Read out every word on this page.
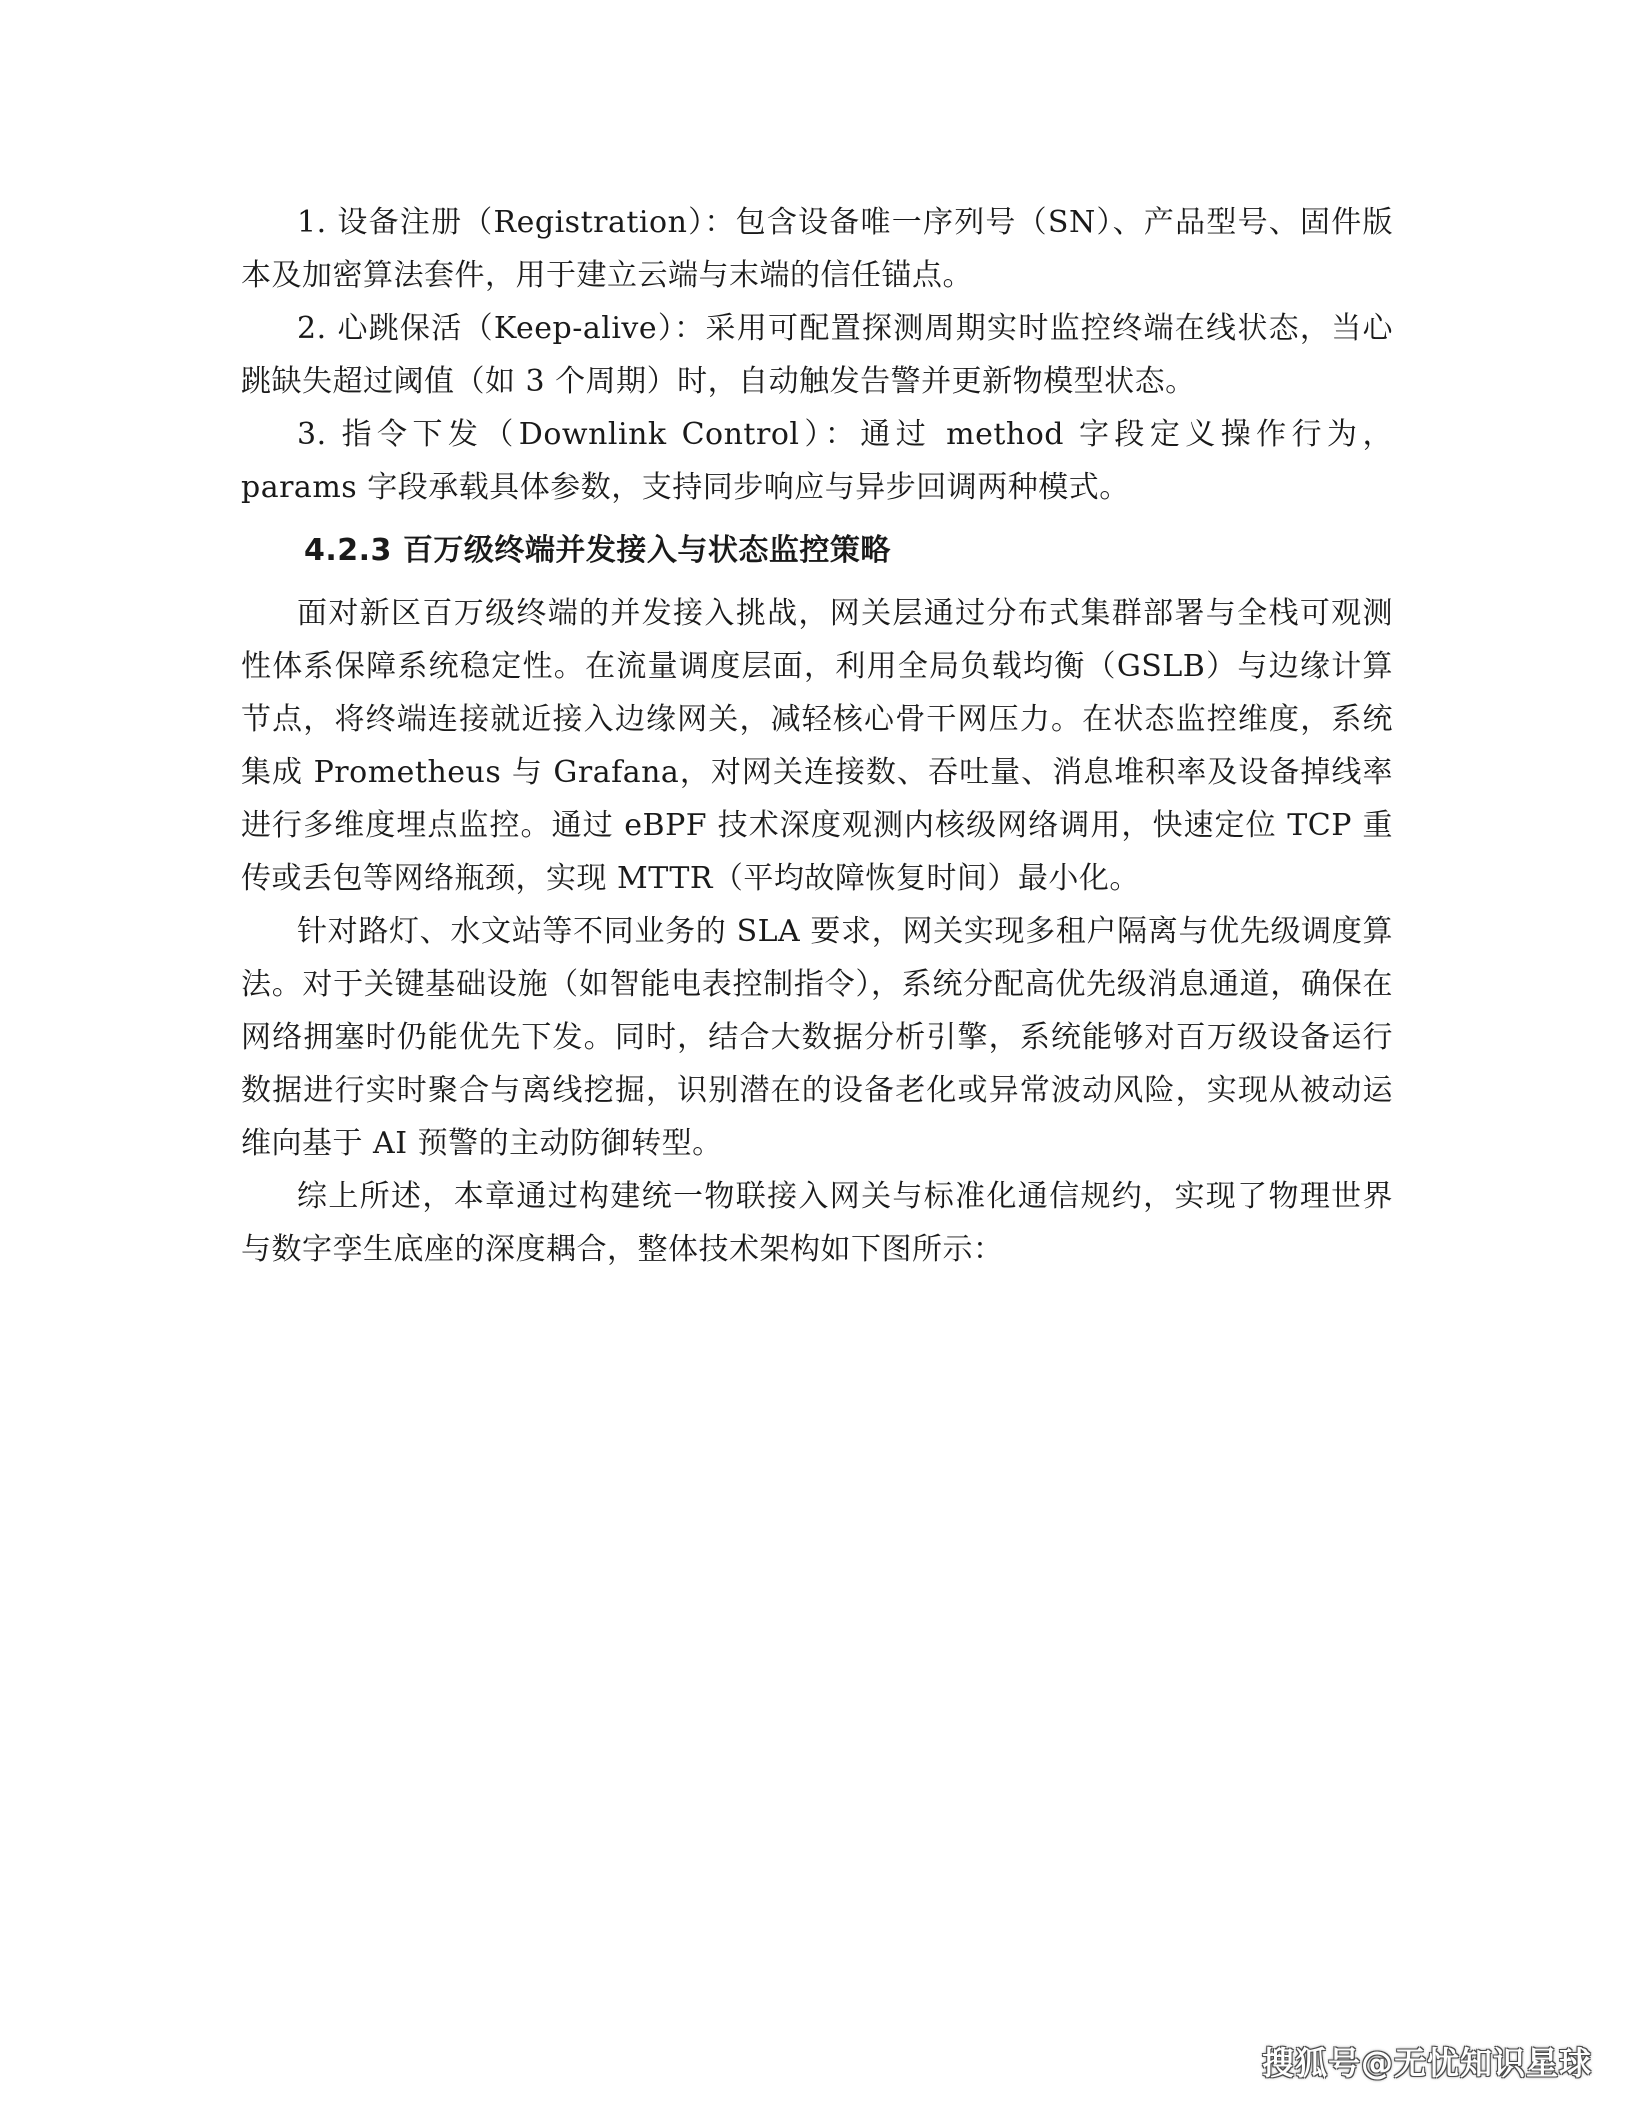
1. 设备注册（Registration）：包含设备唯一序列号（SN）、产品型号、固件版本及加密算法套件，用于建立云端与末端的信任锚点。

2. 心跳保活（Keep-alive）：采用可配置探测周期实时监控终端在线状态，当心跳缺失超过阈值（如 3 个周期）时，自动触发告警并更新物模型状态。

3. 指令下发（Downlink Control）：通过 method 字段定义操作行为，params 字段承载具体参数，支持同步响应与异步回调两种模式。

4.2.3 百万级终端并发接入与状态监控策略

面对新区百万级终端的并发接入挑战，网关层通过分布式集群部署与全栈可观测性体系保障系统稳定性。在流量调度层面，利用全局负载均衡（GSLB）与边缘计算节点，将终端连接就近接入边缘网关，减轻核心骨干网压力。在状态监控维度，系统集成 Prometheus 与 Grafana，对网关连接数、吞吐量、消息堆积率及设备掉线率进行多维度埋点监控。通过 eBPF 技术深度观测内核级网络调用，快速定位 TCP 重传或丢包等网络瓶颈，实现 MTTR（平均故障恢复时间）最小化。

针对路灯、水文站等不同业务的 SLA 要求，网关实现多租户隔离与优先级调度算法。对于关键基础设施（如智能电表控制指令），系统分配高优先级消息通道，确保在网络拥塞时仍能优先下发。同时，结合大数据分析引擎，系统能够对百万级设备运行数据进行实时聚合与离线挖掘，识别潜在的设备老化或异常波动风险，实现从被动运维向基于 AI 预警的主动防御转型。

综上所述，本章通过构建统一物联接入网关与标准化通信规约，实现了物理世界与数字孪生底座的深度耦合，整体技术架构如下图所示：

搜狐号@无忧知识星球
